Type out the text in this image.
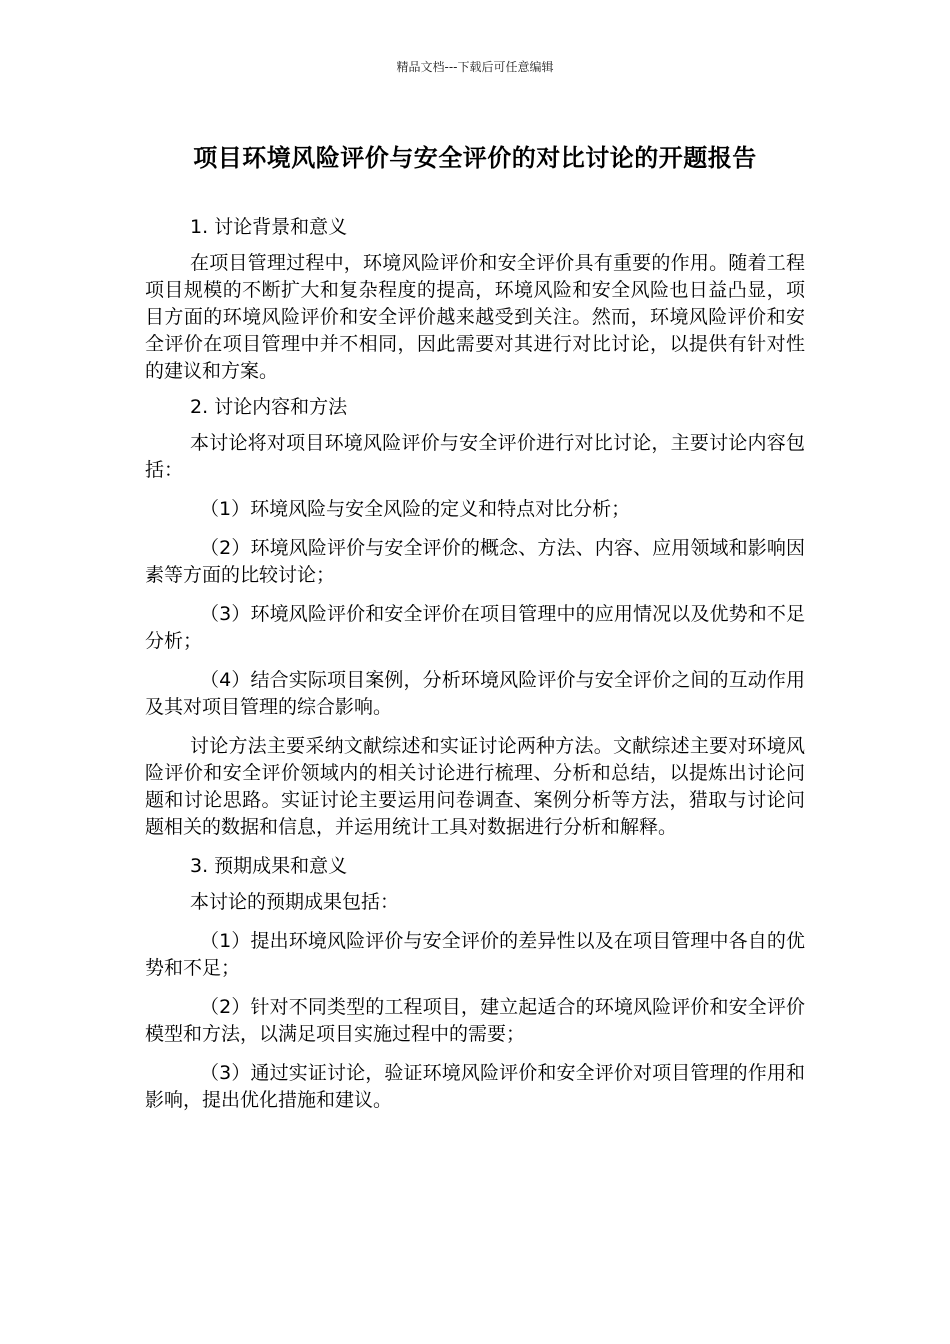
精品文档---下载后可任意编辑
项目环境风险评价与安全评价的对比讨论的开题报告
1. 讨论背景和意义
在项目管理过程中，环境风险评价和安全评价具有重要的作用。随着工程项目规模的不断扩大和复杂程度的提高，环境风险和安全风险也日益凸显，项目方面的环境风险评价和安全评价越来越受到关注。然而，环境风险评价和安全评价在项目管理中并不相同，因此需要对其进行对比讨论，以提供有针对性的建议和方案。
2. 讨论内容和方法
本讨论将对项目环境风险评价与安全评价进行对比讨论，主要讨论内容包括：
（1）环境风险与安全风险的定义和特点对比分析；
（2）环境风险评价与安全评价的概念、方法、内容、应用领域和影响因素等方面的比较讨论；
（3）环境风险评价和安全评价在项目管理中的应用情况以及优势和不足分析；
（4）结合实际项目案例，分析环境风险评价与安全评价之间的互动作用及其对项目管理的综合影响。
讨论方法主要采纳文献综述和实证讨论两种方法。文献综述主要对环境风险评价和安全评价领域内的相关讨论进行梳理、分析和总结，以提炼出讨论问题和讨论思路。实证讨论主要运用问卷调查、案例分析等方法，猎取与讨论问题相关的数据和信息，并运用统计工具对数据进行分析和解释。
3. 预期成果和意义
本讨论的预期成果包括：
（1）提出环境风险评价与安全评价的差异性以及在项目管理中各自的优势和不足；
（2）针对不同类型的工程项目，建立起适合的环境风险评价和安全评价模型和方法，以满足项目实施过程中的需要；
（3）通过实证讨论，验证环境风险评价和安全评价对项目管理的作用和影响，提出优化措施和建议。
